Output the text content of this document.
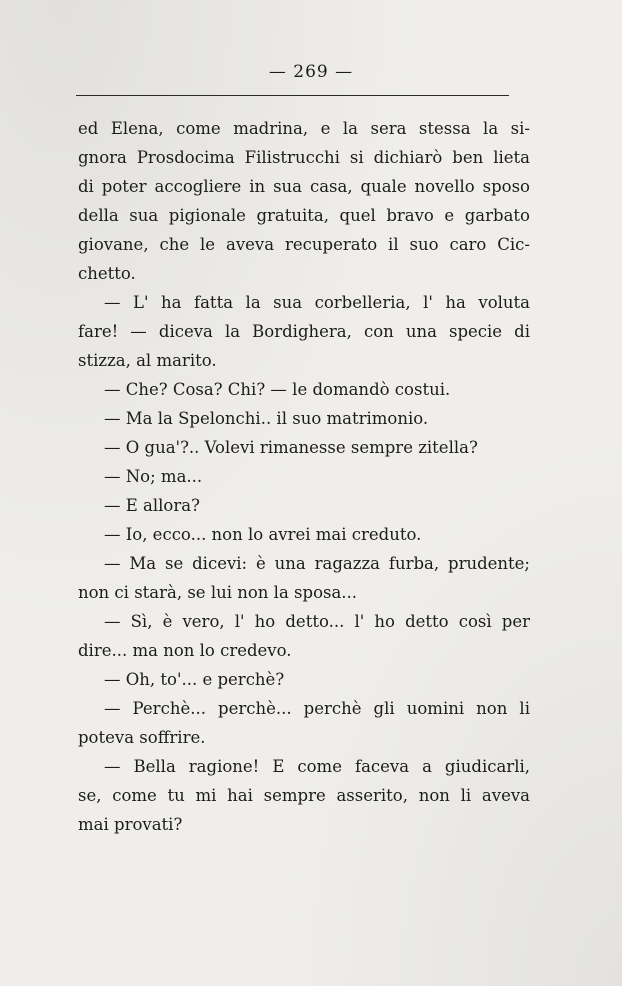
— 269 —
ed Elena, come madrina, e la sera stessa la si-
gnora Prosdocima Filistrucchi si dichiarò ben lieta
di poter accogliere in sua casa, quale novello sposo
della sua pigionale gratuita, quel bravo e garbato
giovane, che le aveva recuperato il suo caro Cic-
chetto.
— L' ha fatta la sua corbelleria, l' ha voluta
fare! — diceva la Bordighera, con una specie di
stizza, al marito.
— Che? Cosa? Chi? — le domandò costui.
— Ma la Spelonchi.. il suo matrimonio.
— O gua'?.. Volevi rimanesse sempre zitella?
— No; ma...
— E allora?
— Io, ecco... non lo avrei mai creduto.
— Ma se dicevi: è una ragazza furba, prudente;
non ci starà, se lui non la sposa...
— Sì, è vero, l' ho detto... l' ho detto così per
dire... ma non lo credevo.
— Oh, to'... e perchè?
— Perchè... perchè... perchè gli uomini non li
poteva soffrire.
— Bella ragione! E come faceva a giudicarli,
se, come tu mi hai sempre asserito, non li aveva
mai provati?
